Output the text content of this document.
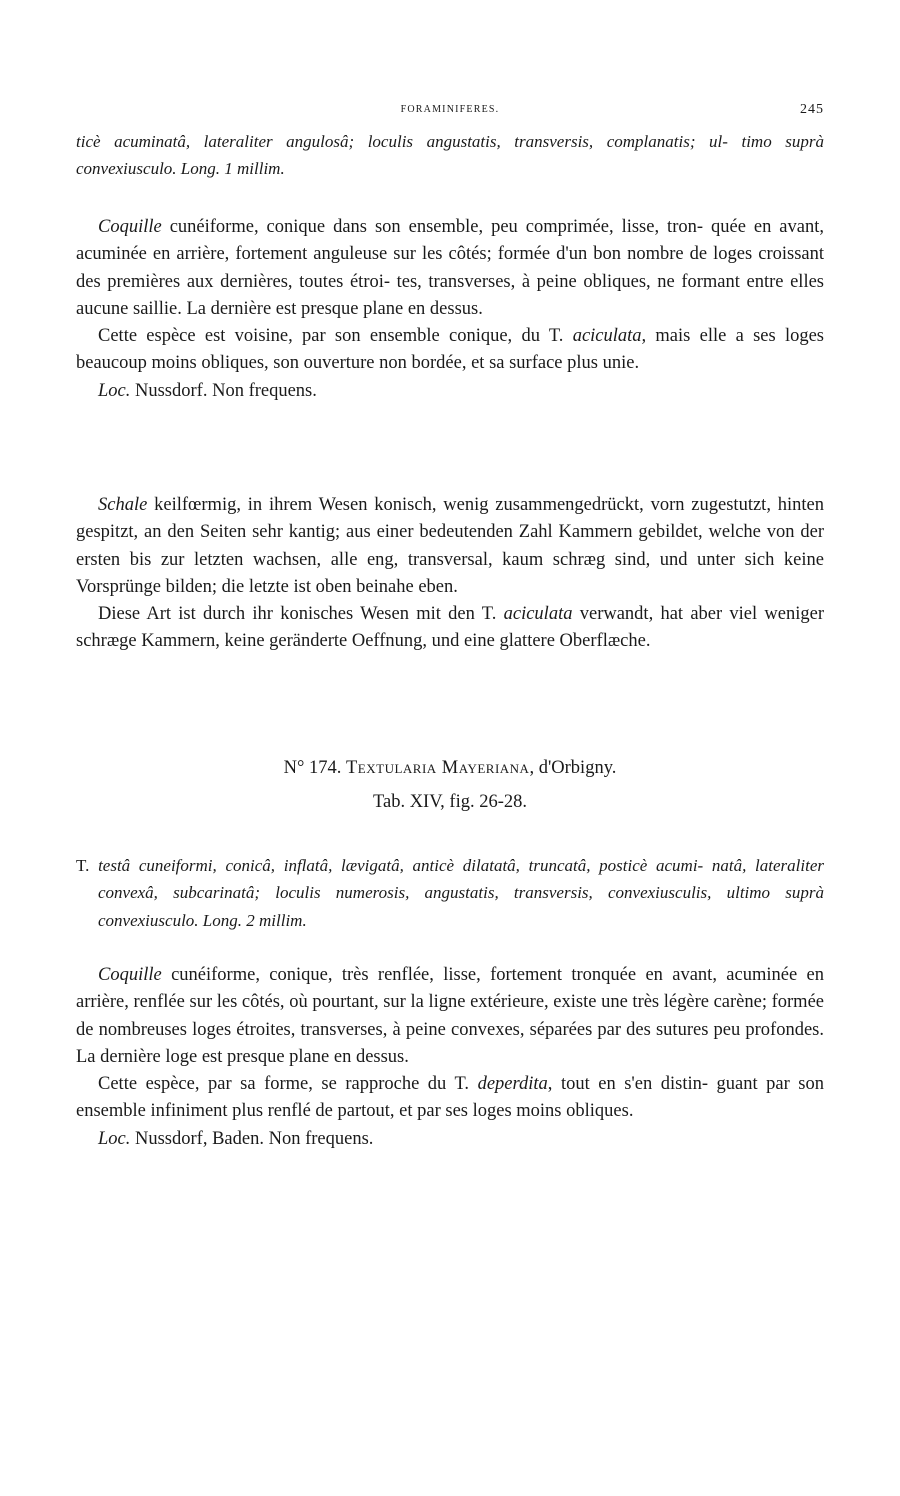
FORAMINIFERES.	245

ticè acuminatâ, lateraliter angulosâ; loculis angustatis, transversis, complanatis; ul- timo suprà convexiusculo. Long. 1 millim.

Coquille cunéiforme, conique dans son ensemble, peu comprimée, lisse, tron- quée en avant, acuminée en arrière, fortement anguleuse sur les côtés; formée d'un bon nombre de loges croissant des premières aux dernières, toutes étroi- tes, transverses, à peine obliques, ne formant entre elles aucune saillie. La dernière est presque plane en dessus.

Cette espèce est voisine, par son ensemble conique, du T. aciculata, mais elle a ses loges beaucoup moins obliques, son ouverture non bordée, et sa surface plus unie.

Loc. Nussdorf. Non frequens.

Schale keilfœrmig, in ihrem Wesen konisch, wenig zusammengedrückt, vorn zugestutzt, hinten gespitzt, an den Seiten sehr kantig; aus einer bedeutenden Zahl Kammern gebildet, welche von der ersten bis zur letzten wachsen, alle eng, transversal, kaum schræg sind, und unter sich keine Vorsprünge bilden; die letzte ist oben beinahe eben.

Diese Art ist durch ihr konisches Wesen mit den T. aciculata verwandt, hat aber viel weniger schræge Kammern, keine geränderte Oeffnung, und eine glattere Oberflæche.

N° 174. Textularia Mayeriana, d'Orbigny.
Tab. XIV, fig. 26-28.

T. testâ cuneiformi, conicâ, inflatâ, lævigatâ, anticè dilatatâ, truncatâ, posticè acumi- natâ, lateraliter convexâ, subcarinatâ; loculis numerosis, angustatis, transversis, convexiusculis, ultimo suprà convexiusculo. Long. 2 millim.

Coquille cunéiforme, conique, très renflée, lisse, fortement tronquée en avant, acuminée en arrière, renflée sur les côtés, où pourtant, sur la ligne extérieure, existe une très légère carène; formée de nombreuses loges étroites, transverses, à peine convexes, séparées par des sutures peu profondes. La dernière loge est presque plane en dessus.

Cette espèce, par sa forme, se rapproche du T. deperdita, tout en s'en distin- guant par son ensemble infiniment plus renflé de partout, et par ses loges moins obliques.

Loc. Nussdorf, Baden. Non frequens.
